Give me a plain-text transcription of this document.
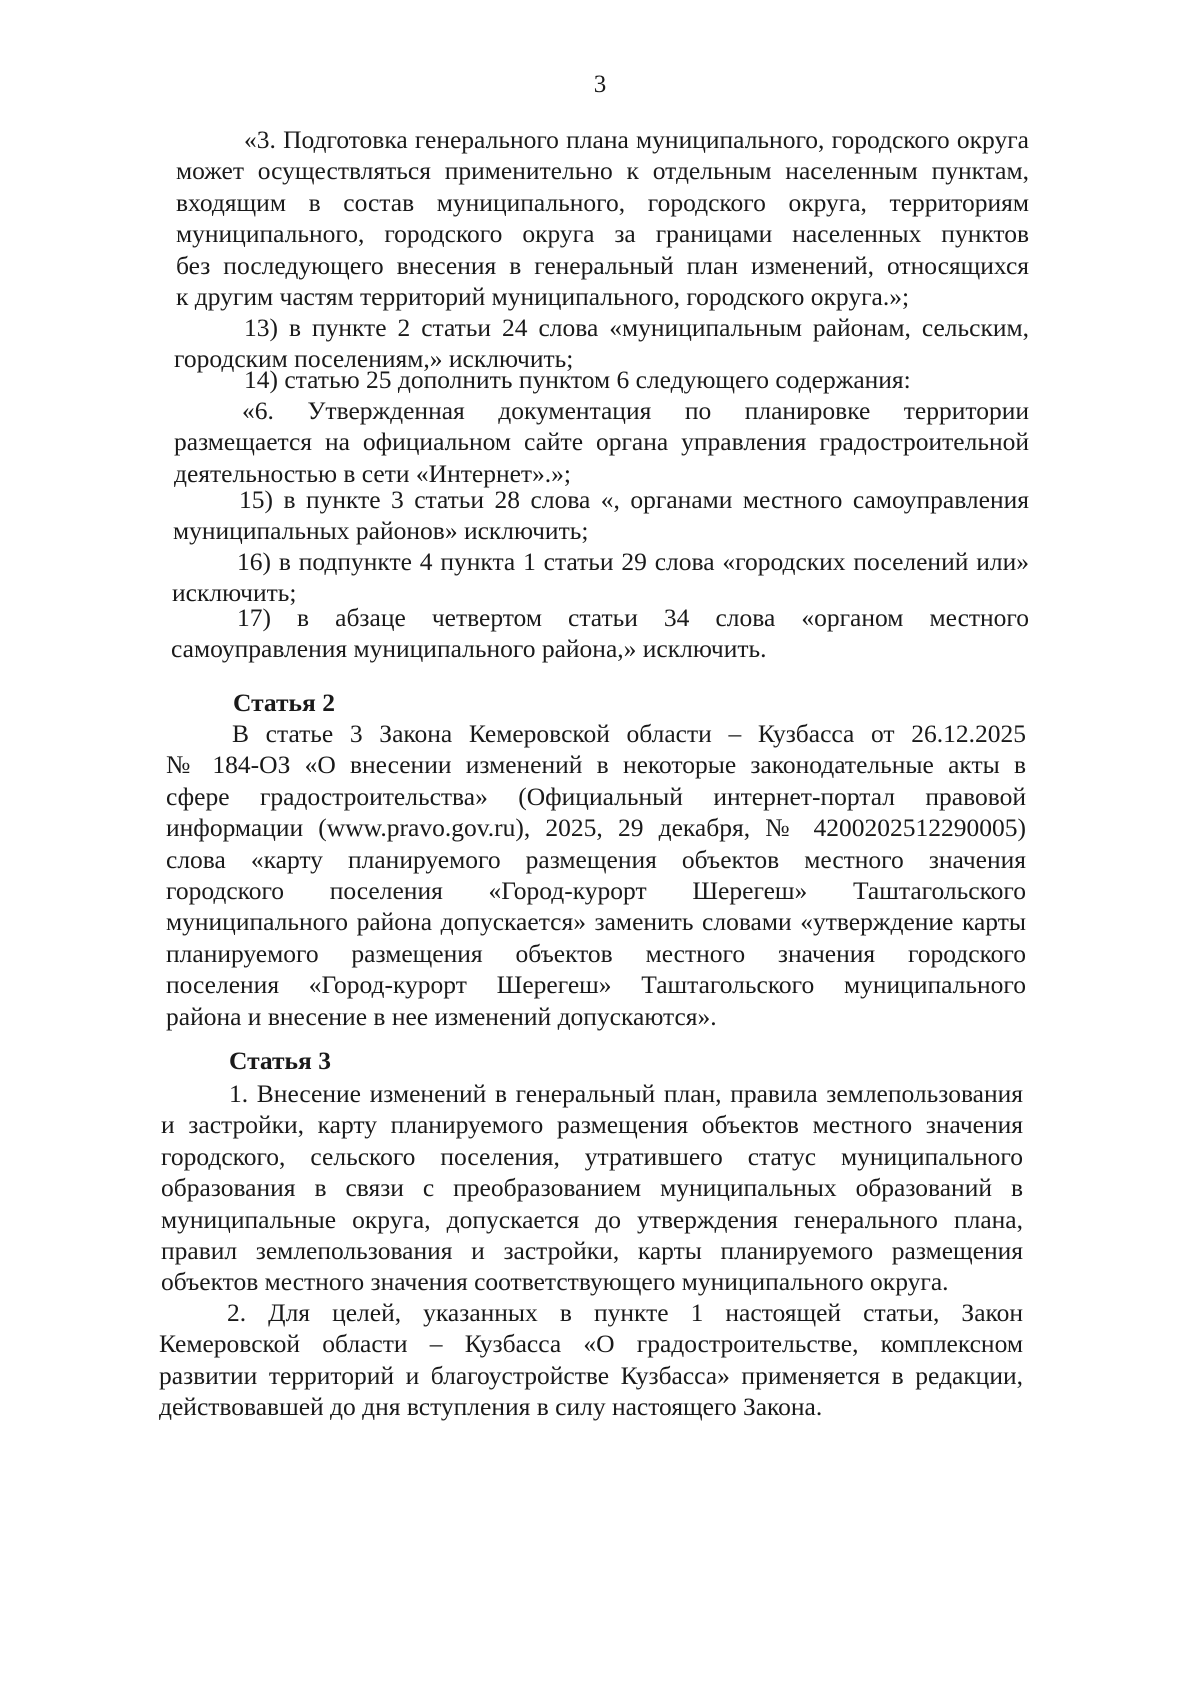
3
«3. Подготовка генерального плана муниципального, городского округа
может осуществляться применительно к отдельным населенным пунктам,
входящим в состав муниципального, городского округа, территориям
муниципального, городского округа за границами населенных пунктов
без последующего внесения в генеральный план изменений, относящихся
к другим частям территорий муниципального, городского округа.»;
13) в пункте 2 статьи 24 слова «муниципальным районам, сельским,
городским поселениям,» исключить;
14) статью 25 дополнить пунктом 6 следующего содержания:
«6. Утвержденная документация по планировке территории
размещается на официальном сайте органа управления градостроительной
деятельностью в сети «Интернет».»;
15) в пункте 3 статьи 28 слова «, органами местного самоуправления
муниципальных районов» исключить;
16) в подпункте 4 пункта 1 статьи 29 слова «городских поселений или»
исключить;
17) в абзаце четвертом статьи 34 слова «органом местного
самоуправления муниципального района,» исключить.
Статья 2
В статье 3 Закона Кемеровской области – Кузбасса от 26.12.2025
№ 184-ОЗ «О внесении изменений в некоторые законодательные акты в
сфере градостроительства» (Официальный интернет-портал правовой
информации (www.pravo.gov.ru), 2025, 29 декабря, № 4200202512290005)
слова «карту планируемого размещения объектов местного значения
городского поселения «Город-курорт Шерегеш» Таштагольского
муниципального района допускается» заменить словами «утверждение карты
планируемого размещения объектов местного значения городского
поселения «Город-курорт Шерегеш» Таштагольского муниципального
района и внесение в нее изменений допускаются».
Статья 3
1. Внесение изменений в генеральный план, правила землепользования
и застройки, карту планируемого размещения объектов местного значения
городского, сельского поселения, утратившего статус муниципального
образования в связи с преобразованием муниципальных образований в
муниципальные округа, допускается до утверждения генерального плана,
правил землепользования и застройки, карты планируемого размещения
объектов местного значения соответствующего муниципального округа.
2. Для целей, указанных в пункте 1 настоящей статьи, Закон
Кемеровской области – Кузбасса «О градостроительстве, комплексном
развитии территорий и благоустройстве Кузбасса» применяется в редакции,
действовавшей до дня вступления в силу настоящего Закона.
